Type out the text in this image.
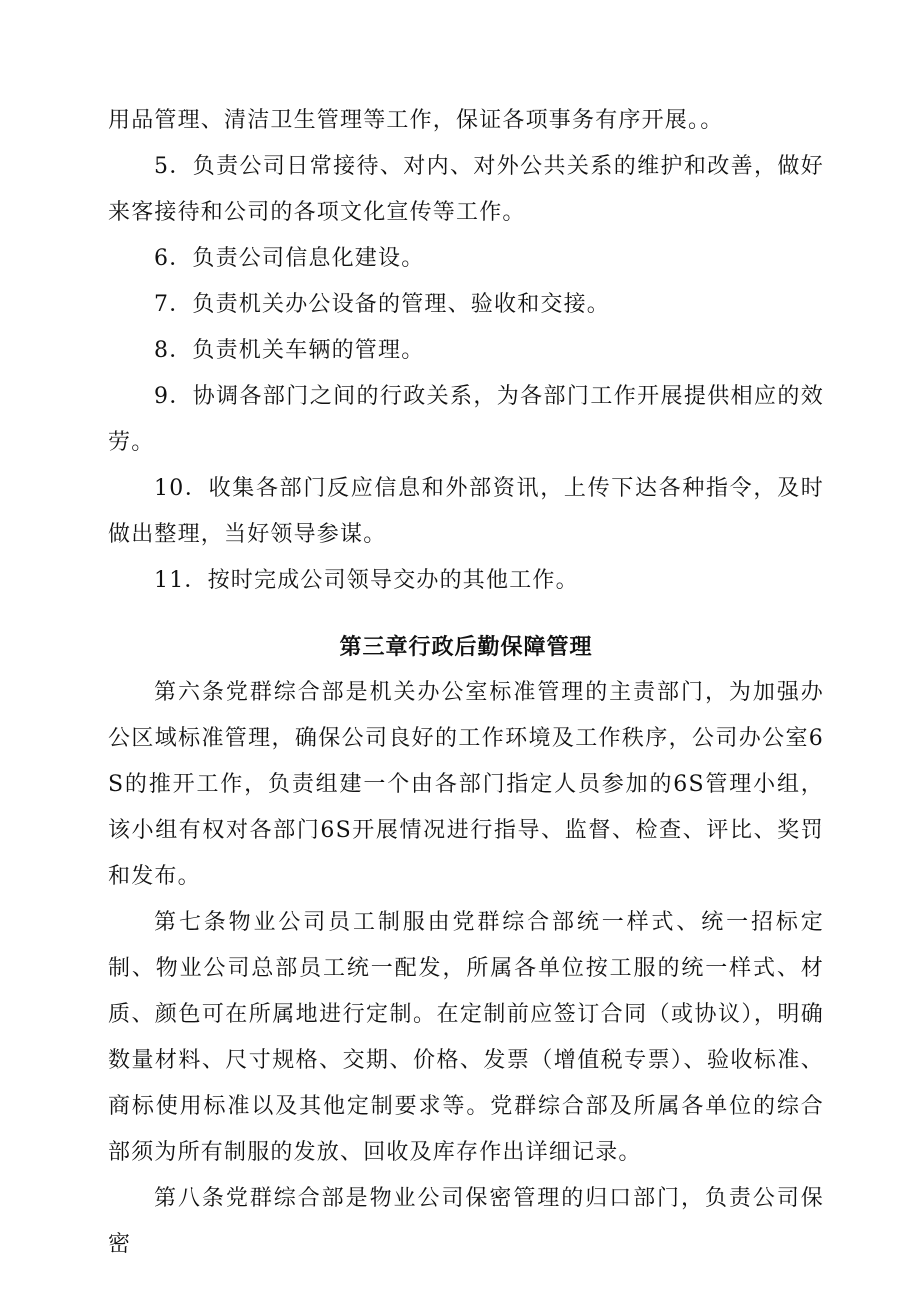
用品管理、清洁卫生管理等工作，保证各项事务有序开展。。

5．负责公司日常接待、对内、对外公共关系的维护和改善，做好来客接待和公司的各项文化宣传等工作。

6．负责公司信息化建设。

7．负责机关办公设备的管理、验收和交接。

8．负责机关车辆的管理。

9．协调各部门之间的行政关系，为各部门工作开展提供相应的效劳。

10．收集各部门反应信息和外部资讯，上传下达各种指令，及时做出整理，当好领导参谋。

11．按时完成公司领导交办的其他工作。

第三章行政后勤保障管理

第六条党群综合部是机关办公室标准管理的主责部门，为加强办公区域标准管理，确保公司良好的工作环境及工作秩序，公司办公室6S的推开工作，负责组建一个由各部门指定人员参加的6S管理小组，该小组有权对各部门6S开展情况进行指导、监督、检查、评比、奖罚和发布。

第七条物业公司员工制服由党群综合部统一样式、统一招标定制、物业公司总部员工统一配发，所属各单位按工服的统一样式、材质、颜色可在所属地进行定制。在定制前应签订合同（或协议），明确数量材料、尺寸规格、交期、价格、发票（增值税专票）、验收标准、商标使用标准以及其他定制要求等。党群综合部及所属各单位的综合部须为所有制服的发放、回收及库存作出详细记录。

第八条党群综合部是物业公司保密管理的归口部门，负责公司保密
